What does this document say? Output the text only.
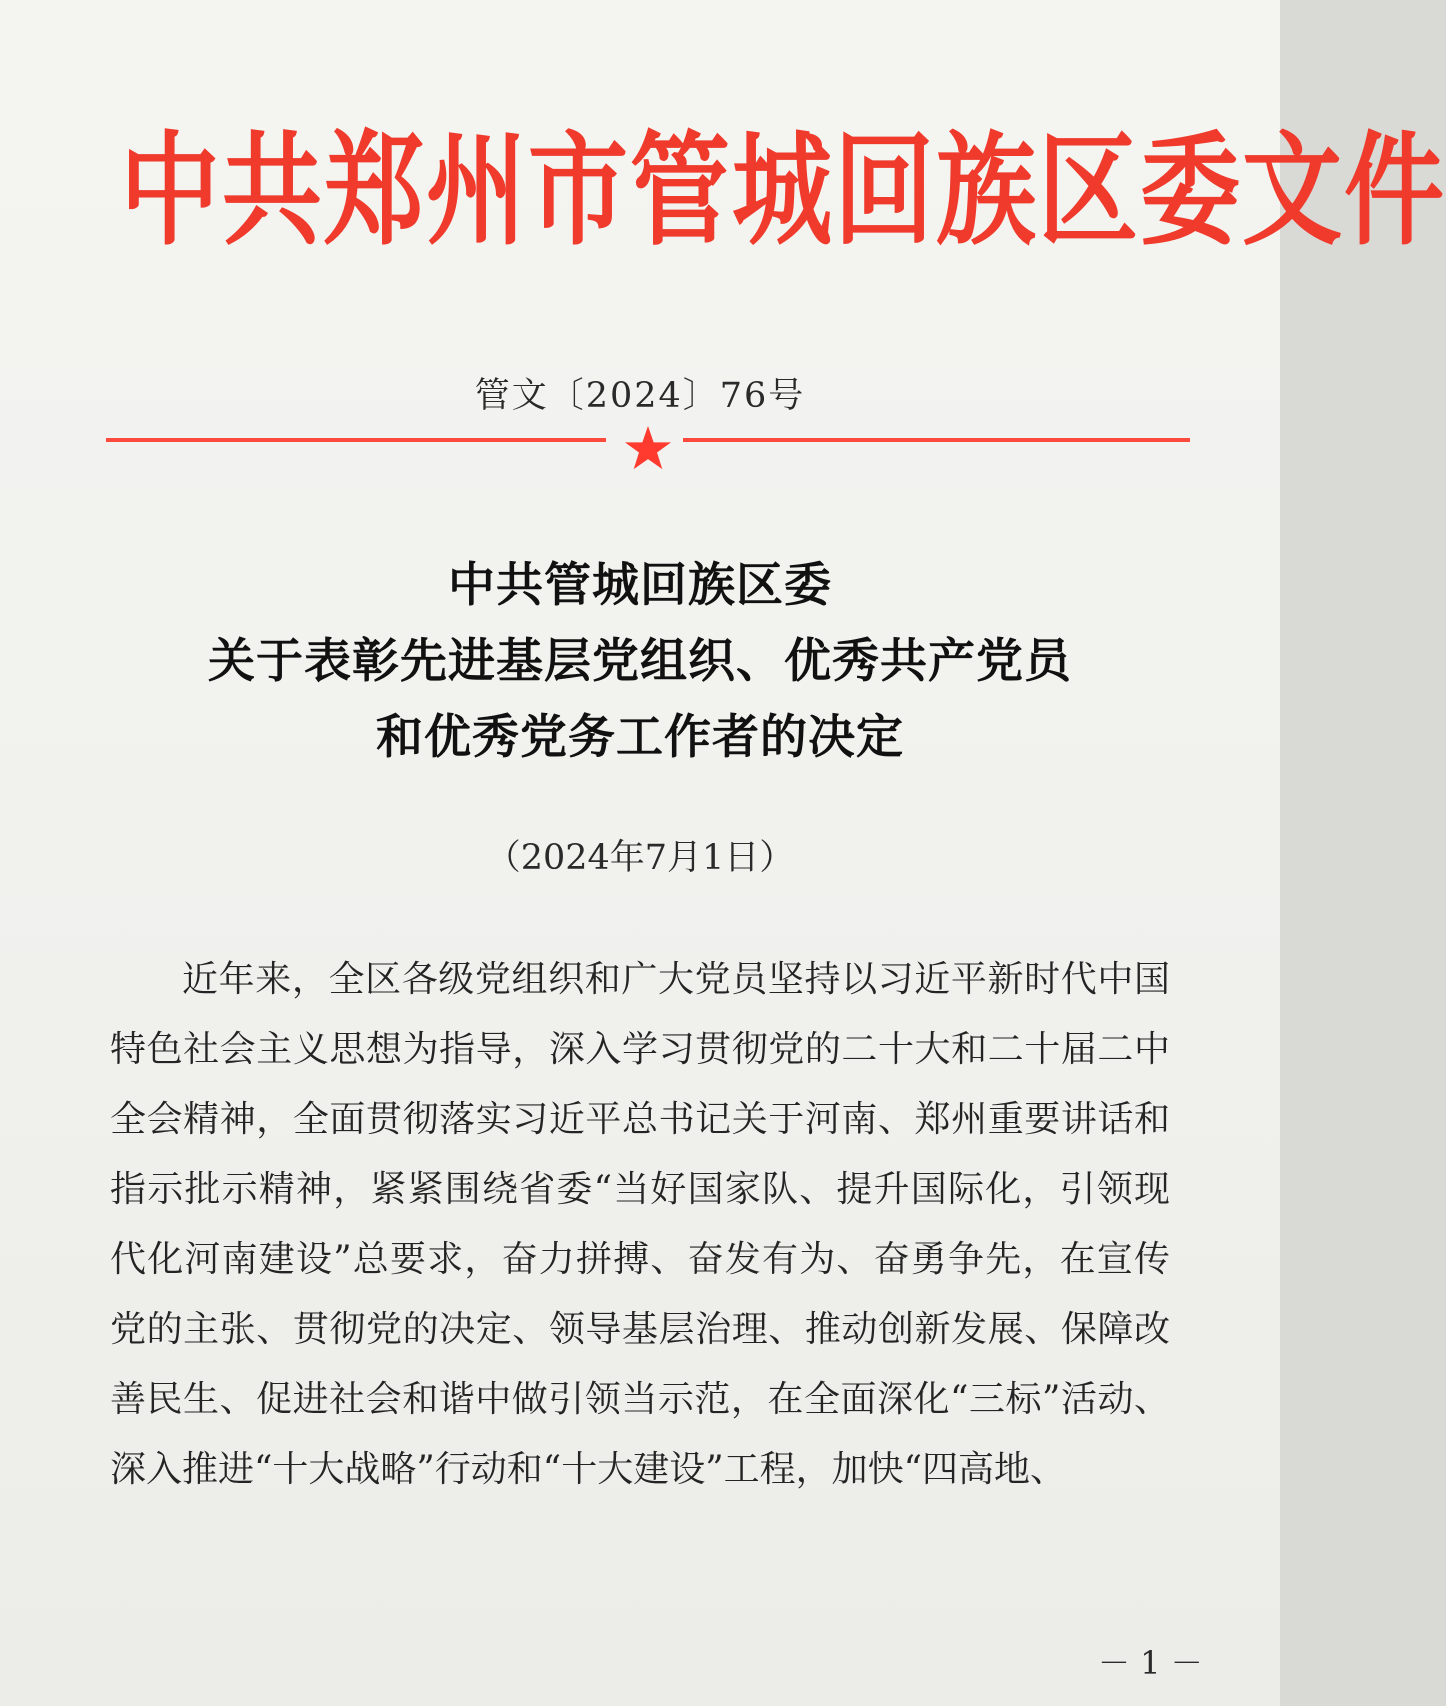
中共郑州市管城回族区委文件
管文〔2024〕76号
中共管城回族区委
关于表彰先进基层党组织、优秀共产党员
和优秀党务工作者的决定
（2024年7月1日）
近年来，全区各级党组织和广大党员坚持以习近平新时代中国特色社会主义思想为指导，深入学习贯彻党的二十大和二十届二中全会精神，全面贯彻落实习近平总书记关于河南、郑州重要讲话和指示批示精神，紧紧围绕省委“当好国家队、提升国际化，引领现代化河南建设”总要求，奋力拼搏、奋发有为、奋勇争先，在宣传党的主张、贯彻党的决定、领导基层治理、推动创新发展、保障改善民生、促进社会和谐中做引领当示范，在全面深化“三标”活动、深入推进“十大战略”行动和“十大建设”工程，加快“四高地、
－ 1 －
